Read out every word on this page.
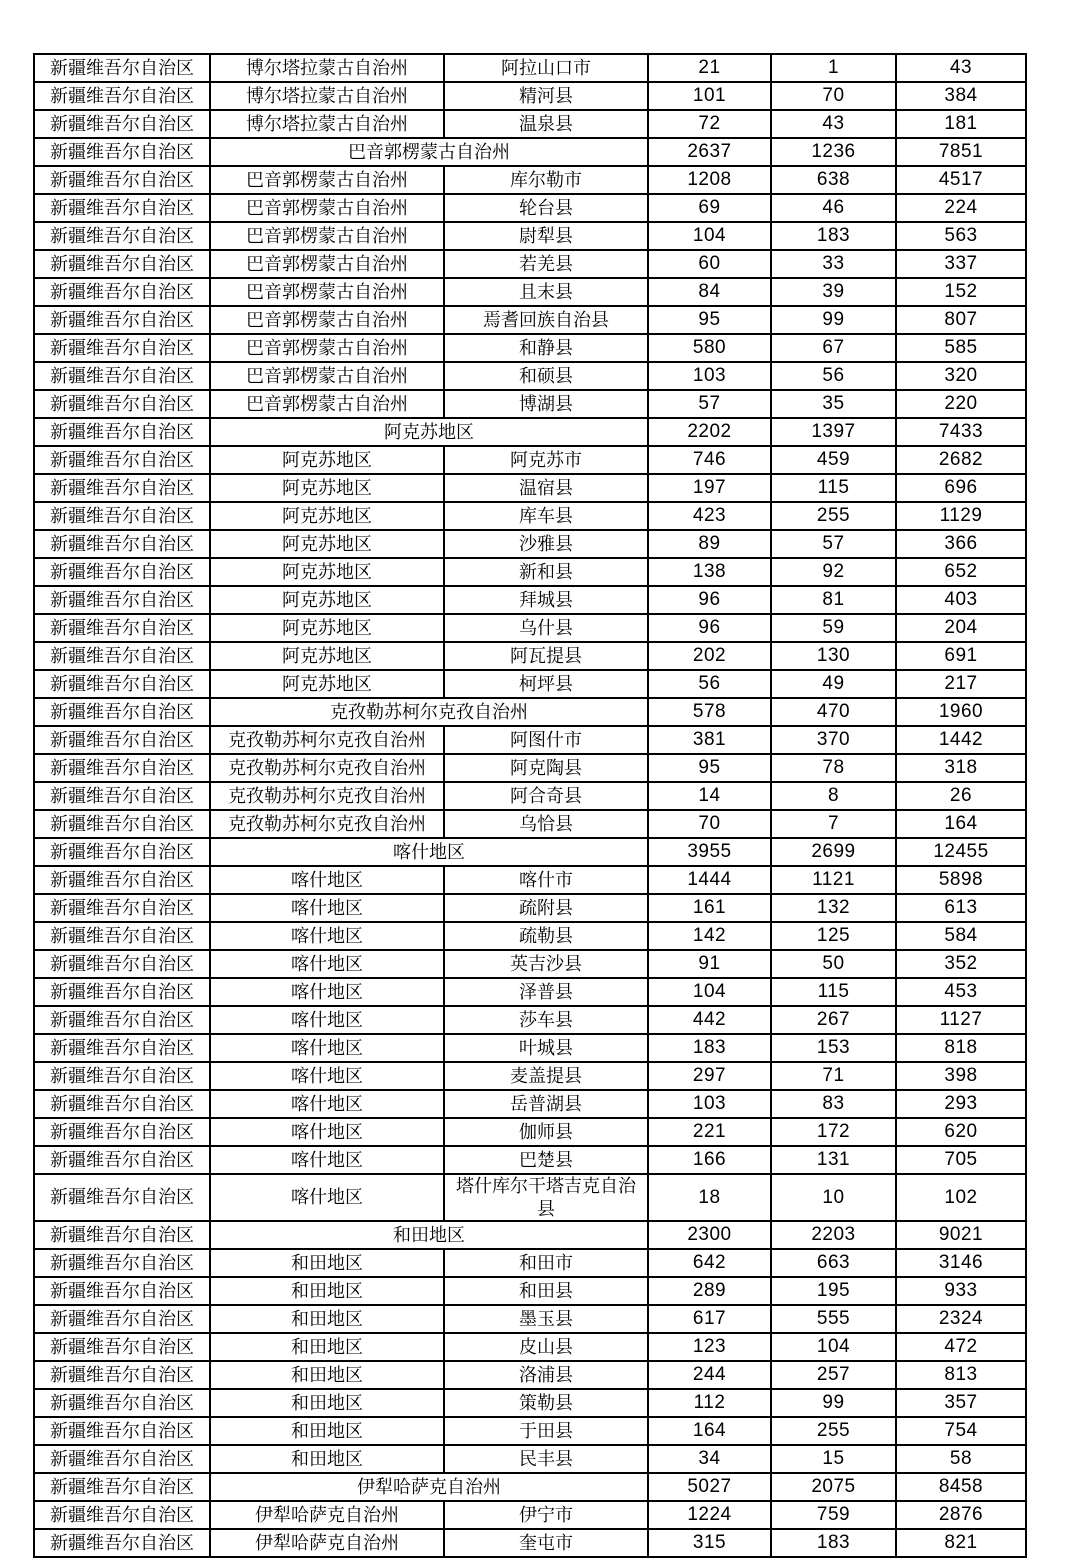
新疆维吾尔自治区	博尔塔拉蒙古自治州	阿拉山口市	21	1	43
新疆维吾尔自治区	博尔塔拉蒙古自治州	精河县	101	70	384
新疆维吾尔自治区	博尔塔拉蒙古自治州	温泉县	72	43	181
新疆维吾尔自治区	巴音郭楞蒙古自治州		2637	1236	7851
新疆维吾尔自治区	巴音郭楞蒙古自治州	库尔勒市	1208	638	4517
新疆维吾尔自治区	巴音郭楞蒙古自治州	轮台县	69	46	224
新疆维吾尔自治区	巴音郭楞蒙古自治州	尉犁县	104	183	563
新疆维吾尔自治区	巴音郭楞蒙古自治州	若羌县	60	33	337
新疆维吾尔自治区	巴音郭楞蒙古自治州	且末县	84	39	152
新疆维吾尔自治区	巴音郭楞蒙古自治州	焉耆回族自治县	95	99	807
新疆维吾尔自治区	巴音郭楞蒙古自治州	和静县	580	67	585
新疆维吾尔自治区	巴音郭楞蒙古自治州	和硕县	103	56	320
新疆维吾尔自治区	巴音郭楞蒙古自治州	博湖县	57	35	220
新疆维吾尔自治区	阿克苏地区		2202	1397	7433
新疆维吾尔自治区	阿克苏地区	阿克苏市	746	459	2682
新疆维吾尔自治区	阿克苏地区	温宿县	197	115	696
新疆维吾尔自治区	阿克苏地区	库车县	423	255	1129
新疆维吾尔自治区	阿克苏地区	沙雅县	89	57	366
新疆维吾尔自治区	阿克苏地区	新和县	138	92	652
新疆维吾尔自治区	阿克苏地区	拜城县	96	81	403
新疆维吾尔自治区	阿克苏地区	乌什县	96	59	204
新疆维吾尔自治区	阿克苏地区	阿瓦提县	202	130	691
新疆维吾尔自治区	阿克苏地区	柯坪县	56	49	217
新疆维吾尔自治区	克孜勒苏柯尔克孜自治州		578	470	1960
新疆维吾尔自治区	克孜勒苏柯尔克孜自治州	阿图什市	381	370	1442
新疆维吾尔自治区	克孜勒苏柯尔克孜自治州	阿克陶县	95	78	318
新疆维吾尔自治区	克孜勒苏柯尔克孜自治州	阿合奇县	14	8	26
新疆维吾尔自治区	克孜勒苏柯尔克孜自治州	乌恰县	70	7	164
新疆维吾尔自治区	喀什地区		3955	2699	12455
新疆维吾尔自治区	喀什地区	喀什市	1444	1121	5898
新疆维吾尔自治区	喀什地区	疏附县	161	132	613
新疆维吾尔自治区	喀什地区	疏勒县	142	125	584
新疆维吾尔自治区	喀什地区	英吉沙县	91	50	352
新疆维吾尔自治区	喀什地区	泽普县	104	115	453
新疆维吾尔自治区	喀什地区	莎车县	442	267	1127
新疆维吾尔自治区	喀什地区	叶城县	183	153	818
新疆维吾尔自治区	喀什地区	麦盖提县	297	71	398
新疆维吾尔自治区	喀什地区	岳普湖县	103	83	293
新疆维吾尔自治区	喀什地区	伽师县	221	172	620
新疆维吾尔自治区	喀什地区	巴楚县	166	131	705
新疆维吾尔自治区	喀什地区	塔什库尔干塔吉克自治县	18	10	102
新疆维吾尔自治区	和田地区		2300	2203	9021
新疆维吾尔自治区	和田地区	和田市	642	663	3146
新疆维吾尔自治区	和田地区	和田县	289	195	933
新疆维吾尔自治区	和田地区	墨玉县	617	555	2324
新疆维吾尔自治区	和田地区	皮山县	123	104	472
新疆维吾尔自治区	和田地区	洛浦县	244	257	813
新疆维吾尔自治区	和田地区	策勒县	112	99	357
新疆维吾尔自治区	和田地区	于田县	164	255	754
新疆维吾尔自治区	和田地区	民丰县	34	15	58
新疆维吾尔自治区	伊犁哈萨克自治州		5027	2075	8458
新疆维吾尔自治区	伊犁哈萨克自治州	伊宁市	1224	759	2876
新疆维吾尔自治区	伊犁哈萨克自治州	奎屯市	315	183	821
